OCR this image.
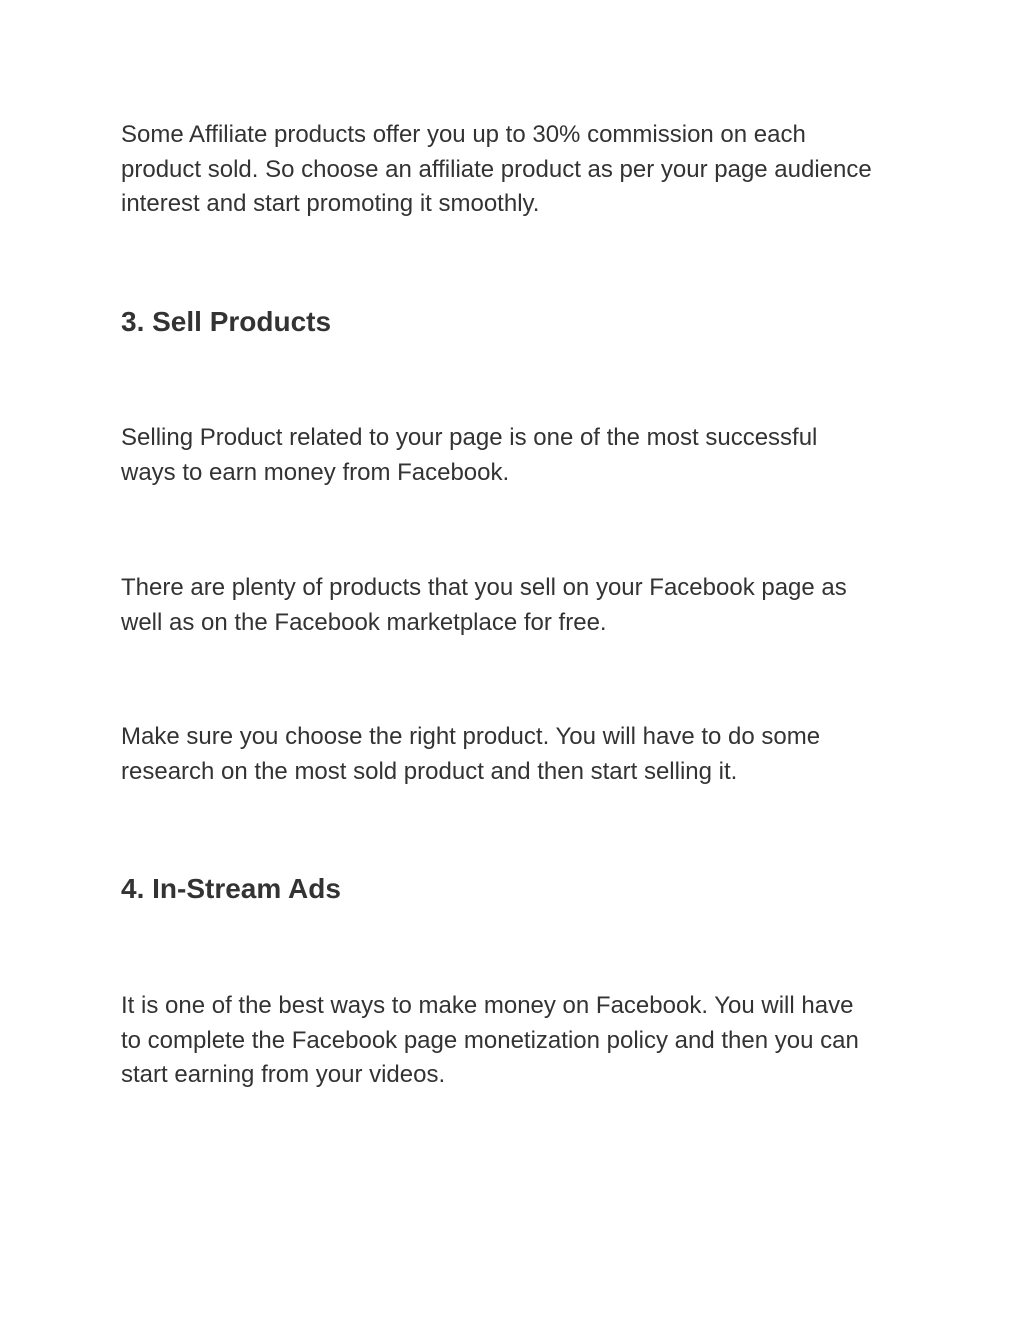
Some Affiliate products offer you up to 30% commission on each
product sold. So choose an affiliate product as per your page audience
interest and start promoting it smoothly.

3. Sell Products

Selling Product related to your page is one of the most successful
ways to earn money from Facebook.

There are plenty of products that you sell on your Facebook page as
well as on the Facebook marketplace for free.

Make sure you choose the right product. You will have to do some
research on the most sold product and then start selling it.

4. In-Stream Ads

It is one of the best ways to make money on Facebook. You will have
to complete the Facebook page monetization policy and then you can
start earning from your videos.
